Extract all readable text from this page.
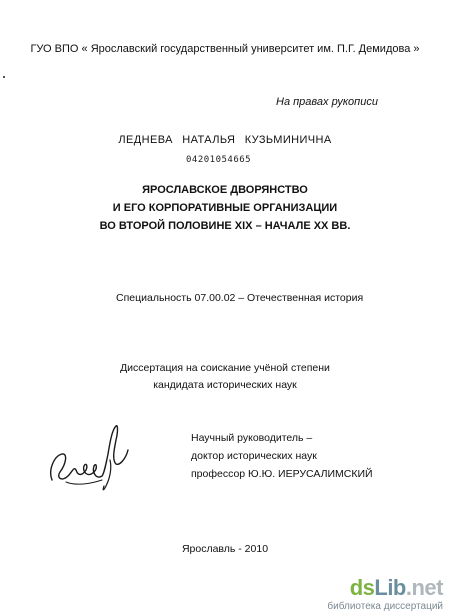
ГУО ВПО « Ярославский государственный университет им. П.Г. Демидова »
На правах рукописи
ЛЕДНЕВА НАТАЛЬЯ КУЗЬМИНИЧНА
04201054665
ЯРОСЛАВСКОЕ ДВОРЯНСТВО
И ЕГО КОРПОРАТИВНЫЕ ОРГАНИЗАЦИИ
ВО ВТОРОЙ ПОЛОВИНЕ XIX – НАЧАЛЕ XX ВВ.
Специальность 07.00.02 – Отечественная история
Диссертация на соискание учёной степени
кандидата исторических наук
Научный руководитель –
доктор исторических наук
профессор Ю.Ю. ИЕРУСАЛИМСКИЙ
Ярославль - 2010
dsLib.net
библиотека диссертаций
